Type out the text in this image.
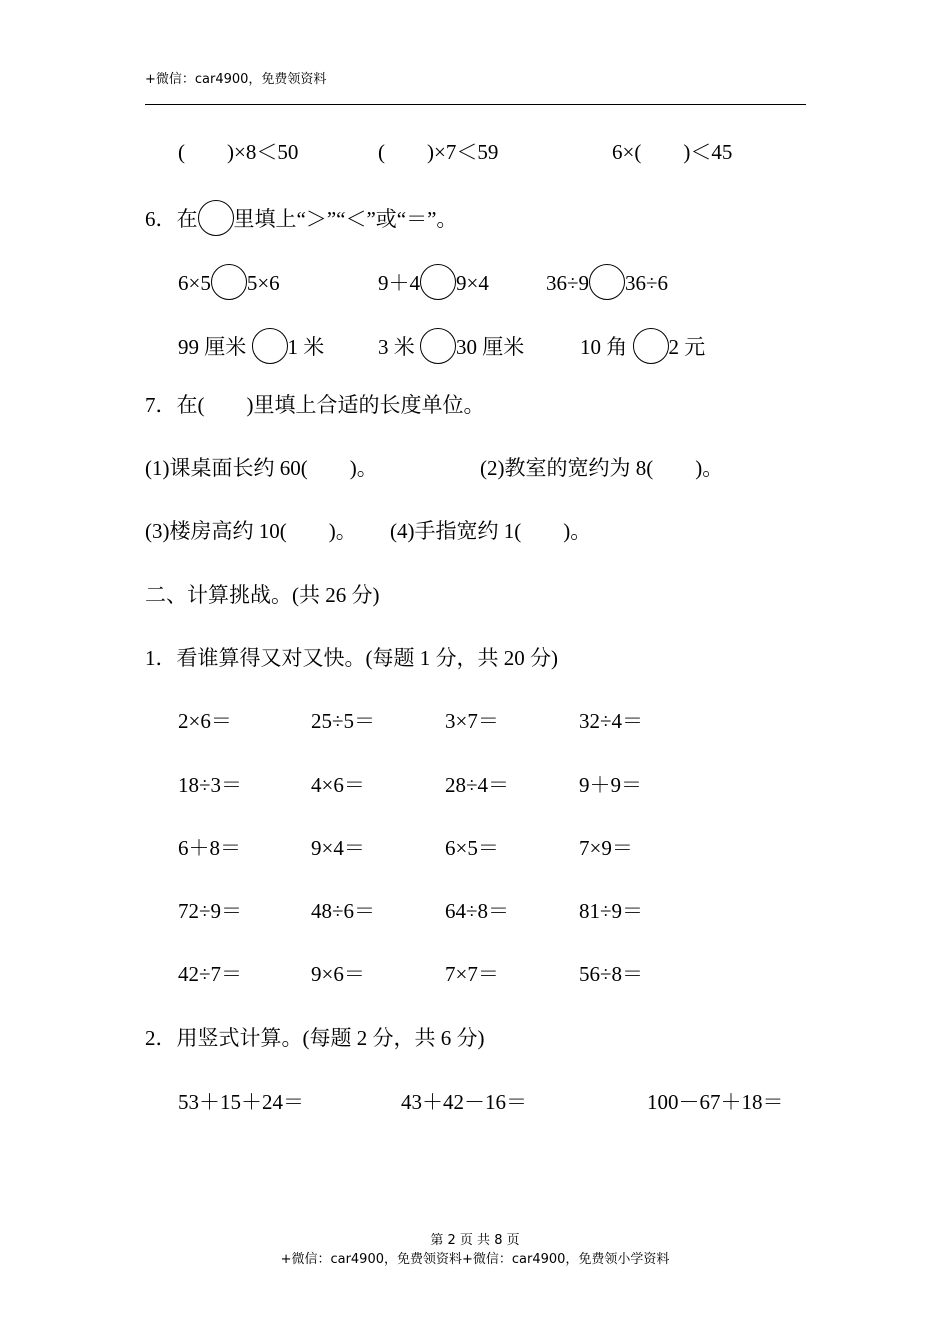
+微信：car4900，免费领资料
(　　)×8＜50	(　　)×7＜59	6×(　　)＜45
6．在 里填上“＞”“＜”或“＝”。
6×5 5×6	9＋4 9×4	36÷9 36÷6
99 厘米 1 米	3 米 30 厘米	10 角 2 元
7．在(　　)里填上合适的长度单位。
(1)课桌面长约 60(　　)。	(2)教室的宽约为 8(　　)。
(3)楼房高约 10(　　)。 (4)手指宽约 1(　　)。
二、计算挑战。(共 26 分)
1．看谁算得又对又快。(每题 1 分，共 20 分)
2×6＝	25÷5＝	3×7＝	32÷4＝
18÷3＝	4×6＝	28÷4＝	9＋9＝
6＋8＝	9×4＝	6×5＝	7×9＝
72÷9＝	48÷6＝	64÷8＝	81÷9＝
42÷7＝	9×6＝	7×7＝	56÷8＝
2．用竖式计算。(每题 2 分，共 6 分)
53＋15＋24＝	43＋42－16＝	100－67＋18＝
第 2 页 共 8 页
+微信：car4900，免费领资料+微信：car4900，免费领小学资料
